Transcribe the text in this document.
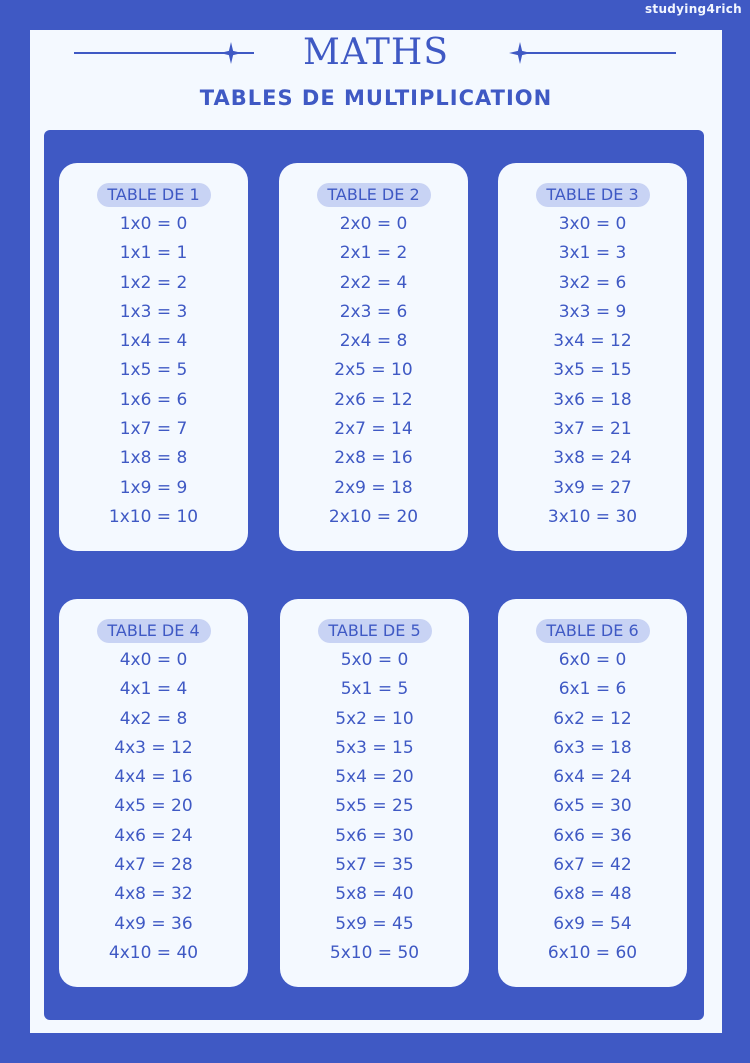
studying4rich
MATHS
TABLES DE MULTIPLICATION
TABLE DE 1
1x0 = 0
1x1 = 1
1x2 = 2
1x3 = 3
1x4 = 4
1x5 = 5
1x6 = 6
1x7 = 7
1x8 = 8
1x9 = 9
1x10 = 10
TABLE DE 2
2x0 = 0
2x1 = 2
2x2 = 4
2x3 = 6
2x4 = 8
2x5 = 10
2x6 = 12
2x7 = 14
2x8 = 16
2x9 = 18
2x10 = 20
TABLE DE 3
3x0 = 0
3x1 = 3
3x2 = 6
3x3 = 9
3x4 = 12
3x5 = 15
3x6 = 18
3x7 = 21
3x8 = 24
3x9 = 27
3x10 = 30
TABLE DE 4
4x0 = 0
4x1 = 4
4x2 = 8
4x3 = 12
4x4 = 16
4x5 = 20
4x6 = 24
4x7 = 28
4x8 = 32
4x9 = 36
4x10 = 40
TABLE DE 5
5x0 = 0
5x1 = 5
5x2 = 10
5x3 = 15
5x4 = 20
5x5 = 25
5x6 = 30
5x7 = 35
5x8 = 40
5x9 = 45
5x10 = 50
TABLE DE 6
6x0 = 0
6x1 = 6
6x2 = 12
6x3 = 18
6x4 = 24
6x5 = 30
6x6 = 36
6x7 = 42
6x8 = 48
6x9 = 54
6x10 = 60
